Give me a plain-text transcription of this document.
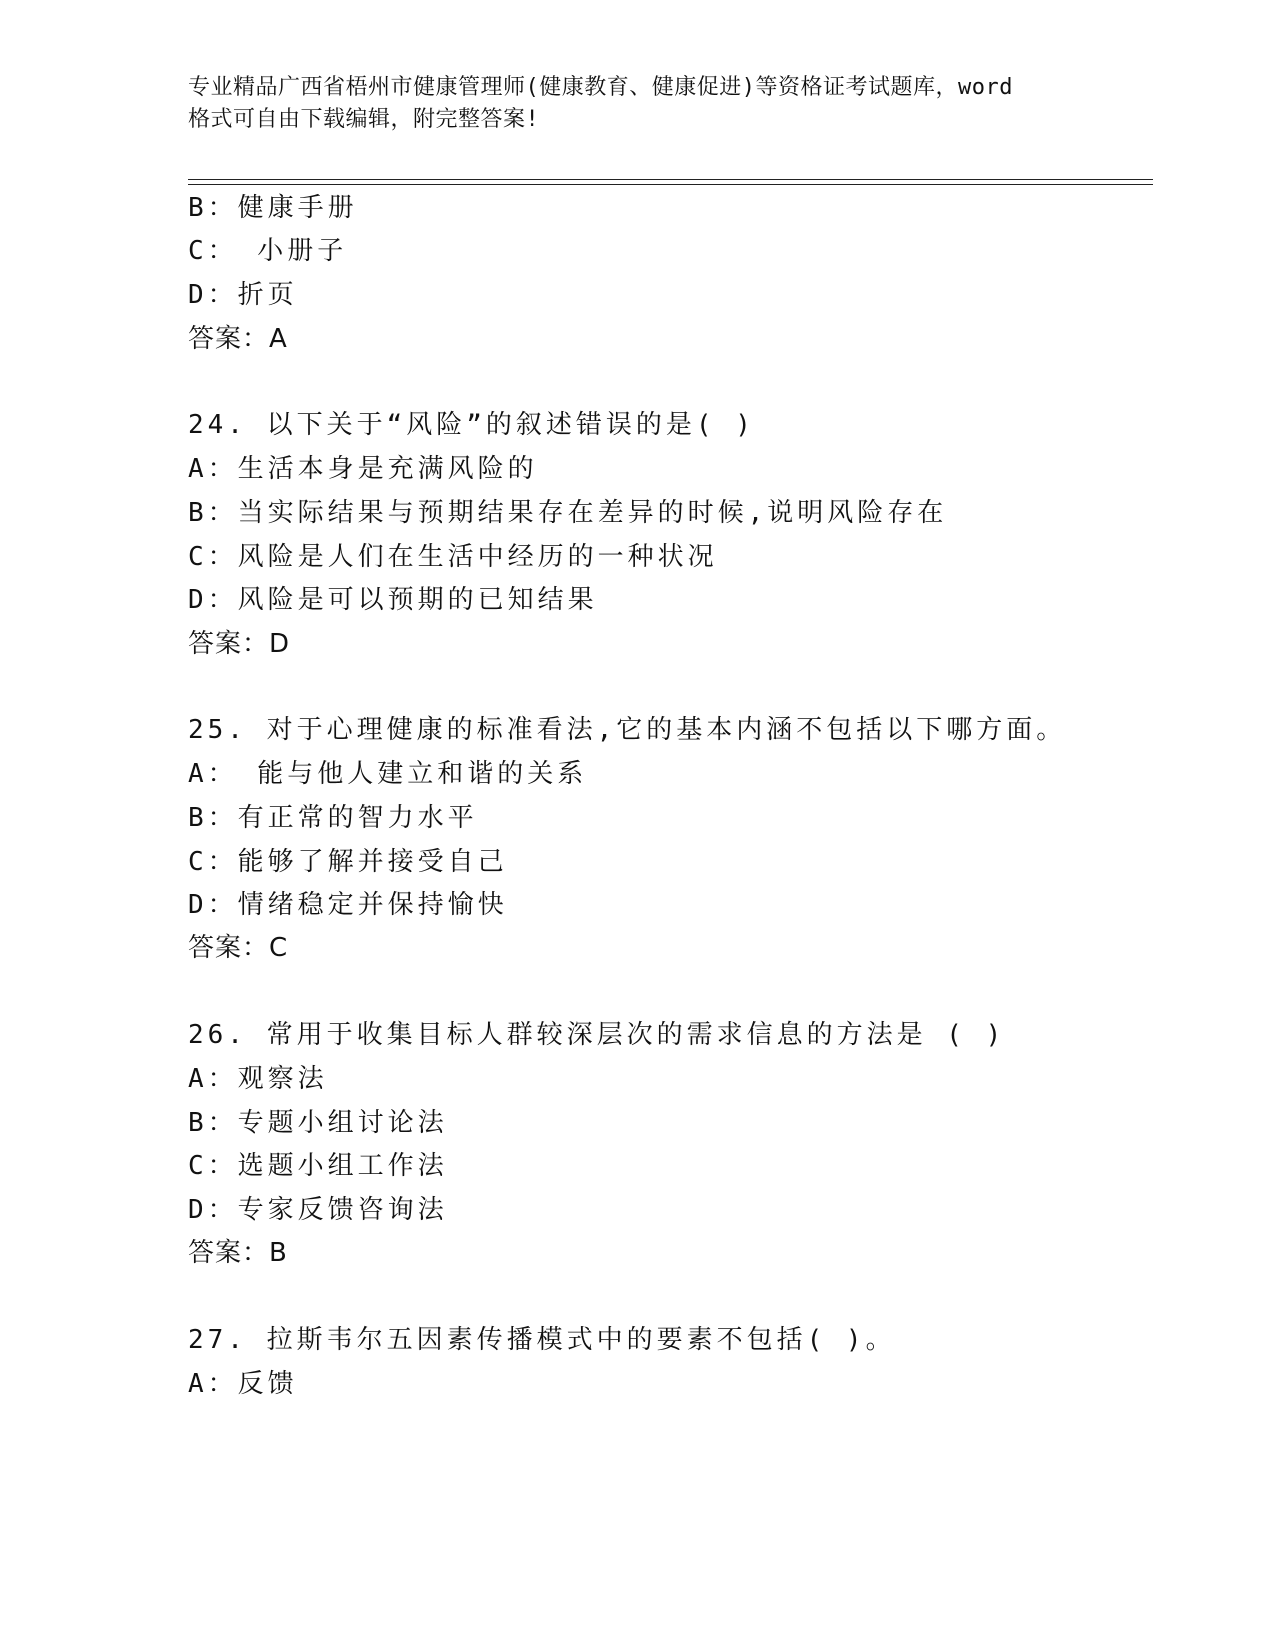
专业精品广西省梧州市健康管理师(健康教育、健康促进)等资格证考试题库，word
格式可自由下载编辑，附完整答案!
B：健康手册
C： 小册子
D：折页
答案：A
24. 以下关于“风险”的叙述错误的是( )
A：生活本身是充满风险的
B：当实际结果与预期结果存在差异的时候,说明风险存在
C：风险是人们在生活中经历的一种状况
D：风险是可以预期的已知结果
答案：D
25. 对于心理健康的标准看法,它的基本内涵不包括以下哪方面。
A： 能与他人建立和谐的关系
B：有正常的智力水平
C：能够了解并接受自己
D：情绪稳定并保持愉快
答案：C
26. 常用于收集目标人群较深层次的需求信息的方法是 ( )
A：观察法
B：专题小组讨论法
C：选题小组工作法
D：专家反馈咨询法
答案：B
27. 拉斯韦尔五因素传播模式中的要素不包括( )。
A：反馈
